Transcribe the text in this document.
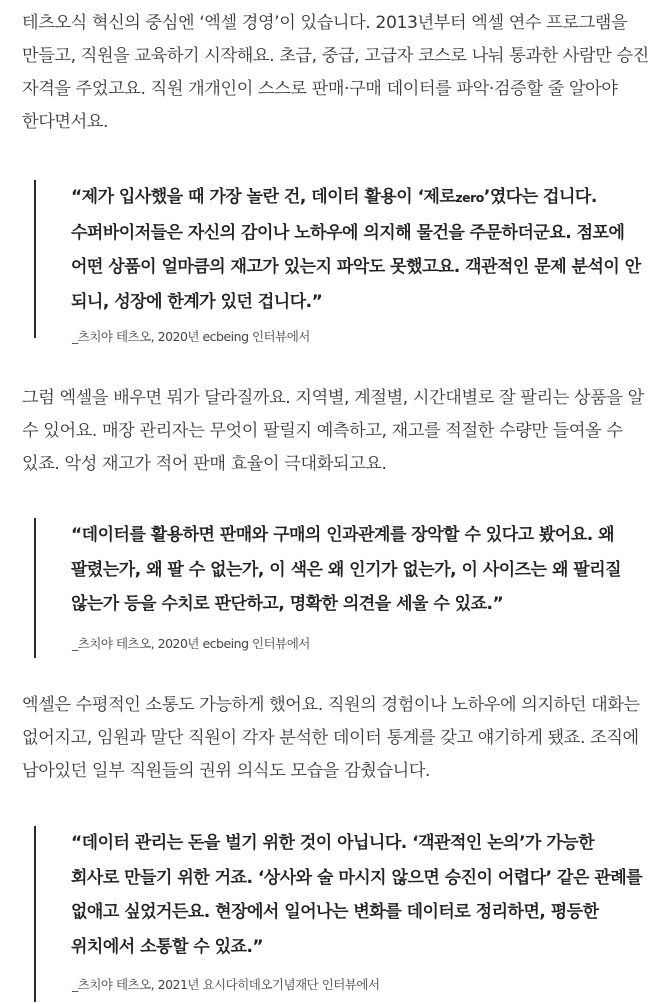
테츠오식 혁신의 중심엔 ‘엑셀 경영’이 있습니다. 2013년부터 엑셀 연수 프로그램을
만들고, 직원을 교육하기 시작해요. 초급, 중급, 고급자 코스로 나눠 통과한 사람만 승진
자격을 주었고요. 직원 개개인이 스스로 판매·구매 데이터를 파악·검증할 줄 알아야
한다면서요.

“제가 입사했을 때 가장 놀란 건, 데이터 활용이 ‘제로zero’였다는 겁니다.
수퍼바이저들은 자신의 감이나 노하우에 의지해 물건을 주문하더군요. 점포에
어떤 상품이 얼마큼의 재고가 있는지 파악도 못했고요. 객관적인 문제 분석이 안
되니, 성장에 한계가 있던 겁니다.”

_츠치야 테츠오, 2020년 ecbeing 인터뷰에서

그럼 엑셀을 배우면 뭐가 달라질까요. 지역별, 계절별, 시간대별로 잘 팔리는 상품을 알
수 있어요. 매장 관리자는 무엇이 팔릴지 예측하고, 재고를 적절한 수량만 들여올 수
있죠. 악성 재고가 적어 판매 효율이 극대화되고요.

“데이터를 활용하면 판매와 구매의 인과관계를 장악할 수 있다고 봤어요. 왜
팔렸는가, 왜 팔 수 없는가, 이 색은 왜 인기가 없는가, 이 사이즈는 왜 팔리질
않는가 등을 수치로 판단하고, 명확한 의견을 세울 수 있죠.”

_츠치야 테츠오, 2020년 ecbeing 인터뷰에서

엑셀은 수평적인 소통도 가능하게 했어요. 직원의 경험이나 노하우에 의지하던 대화는
없어지고, 임원과 말단 직원이 각자 분석한 데이터 통계를 갖고 얘기하게 됐죠. 조직에
남아있던 일부 직원들의 권위 의식도 모습을 감췄습니다.

“데이터 관리는 돈을 벌기 위한 것이 아닙니다. ‘객관적인 논의’가 가능한
회사로 만들기 위한 거죠. ‘상사와 술 마시지 않으면 승진이 어렵다’ 같은 관례를
없애고 싶었거든요. 현장에서 일어나는 변화를 데이터로 정리하면, 평등한
위치에서 소통할 수 있죠.”

_츠치야 테츠오, 2021년 요시다히데오기념재단 인터뷰에서
